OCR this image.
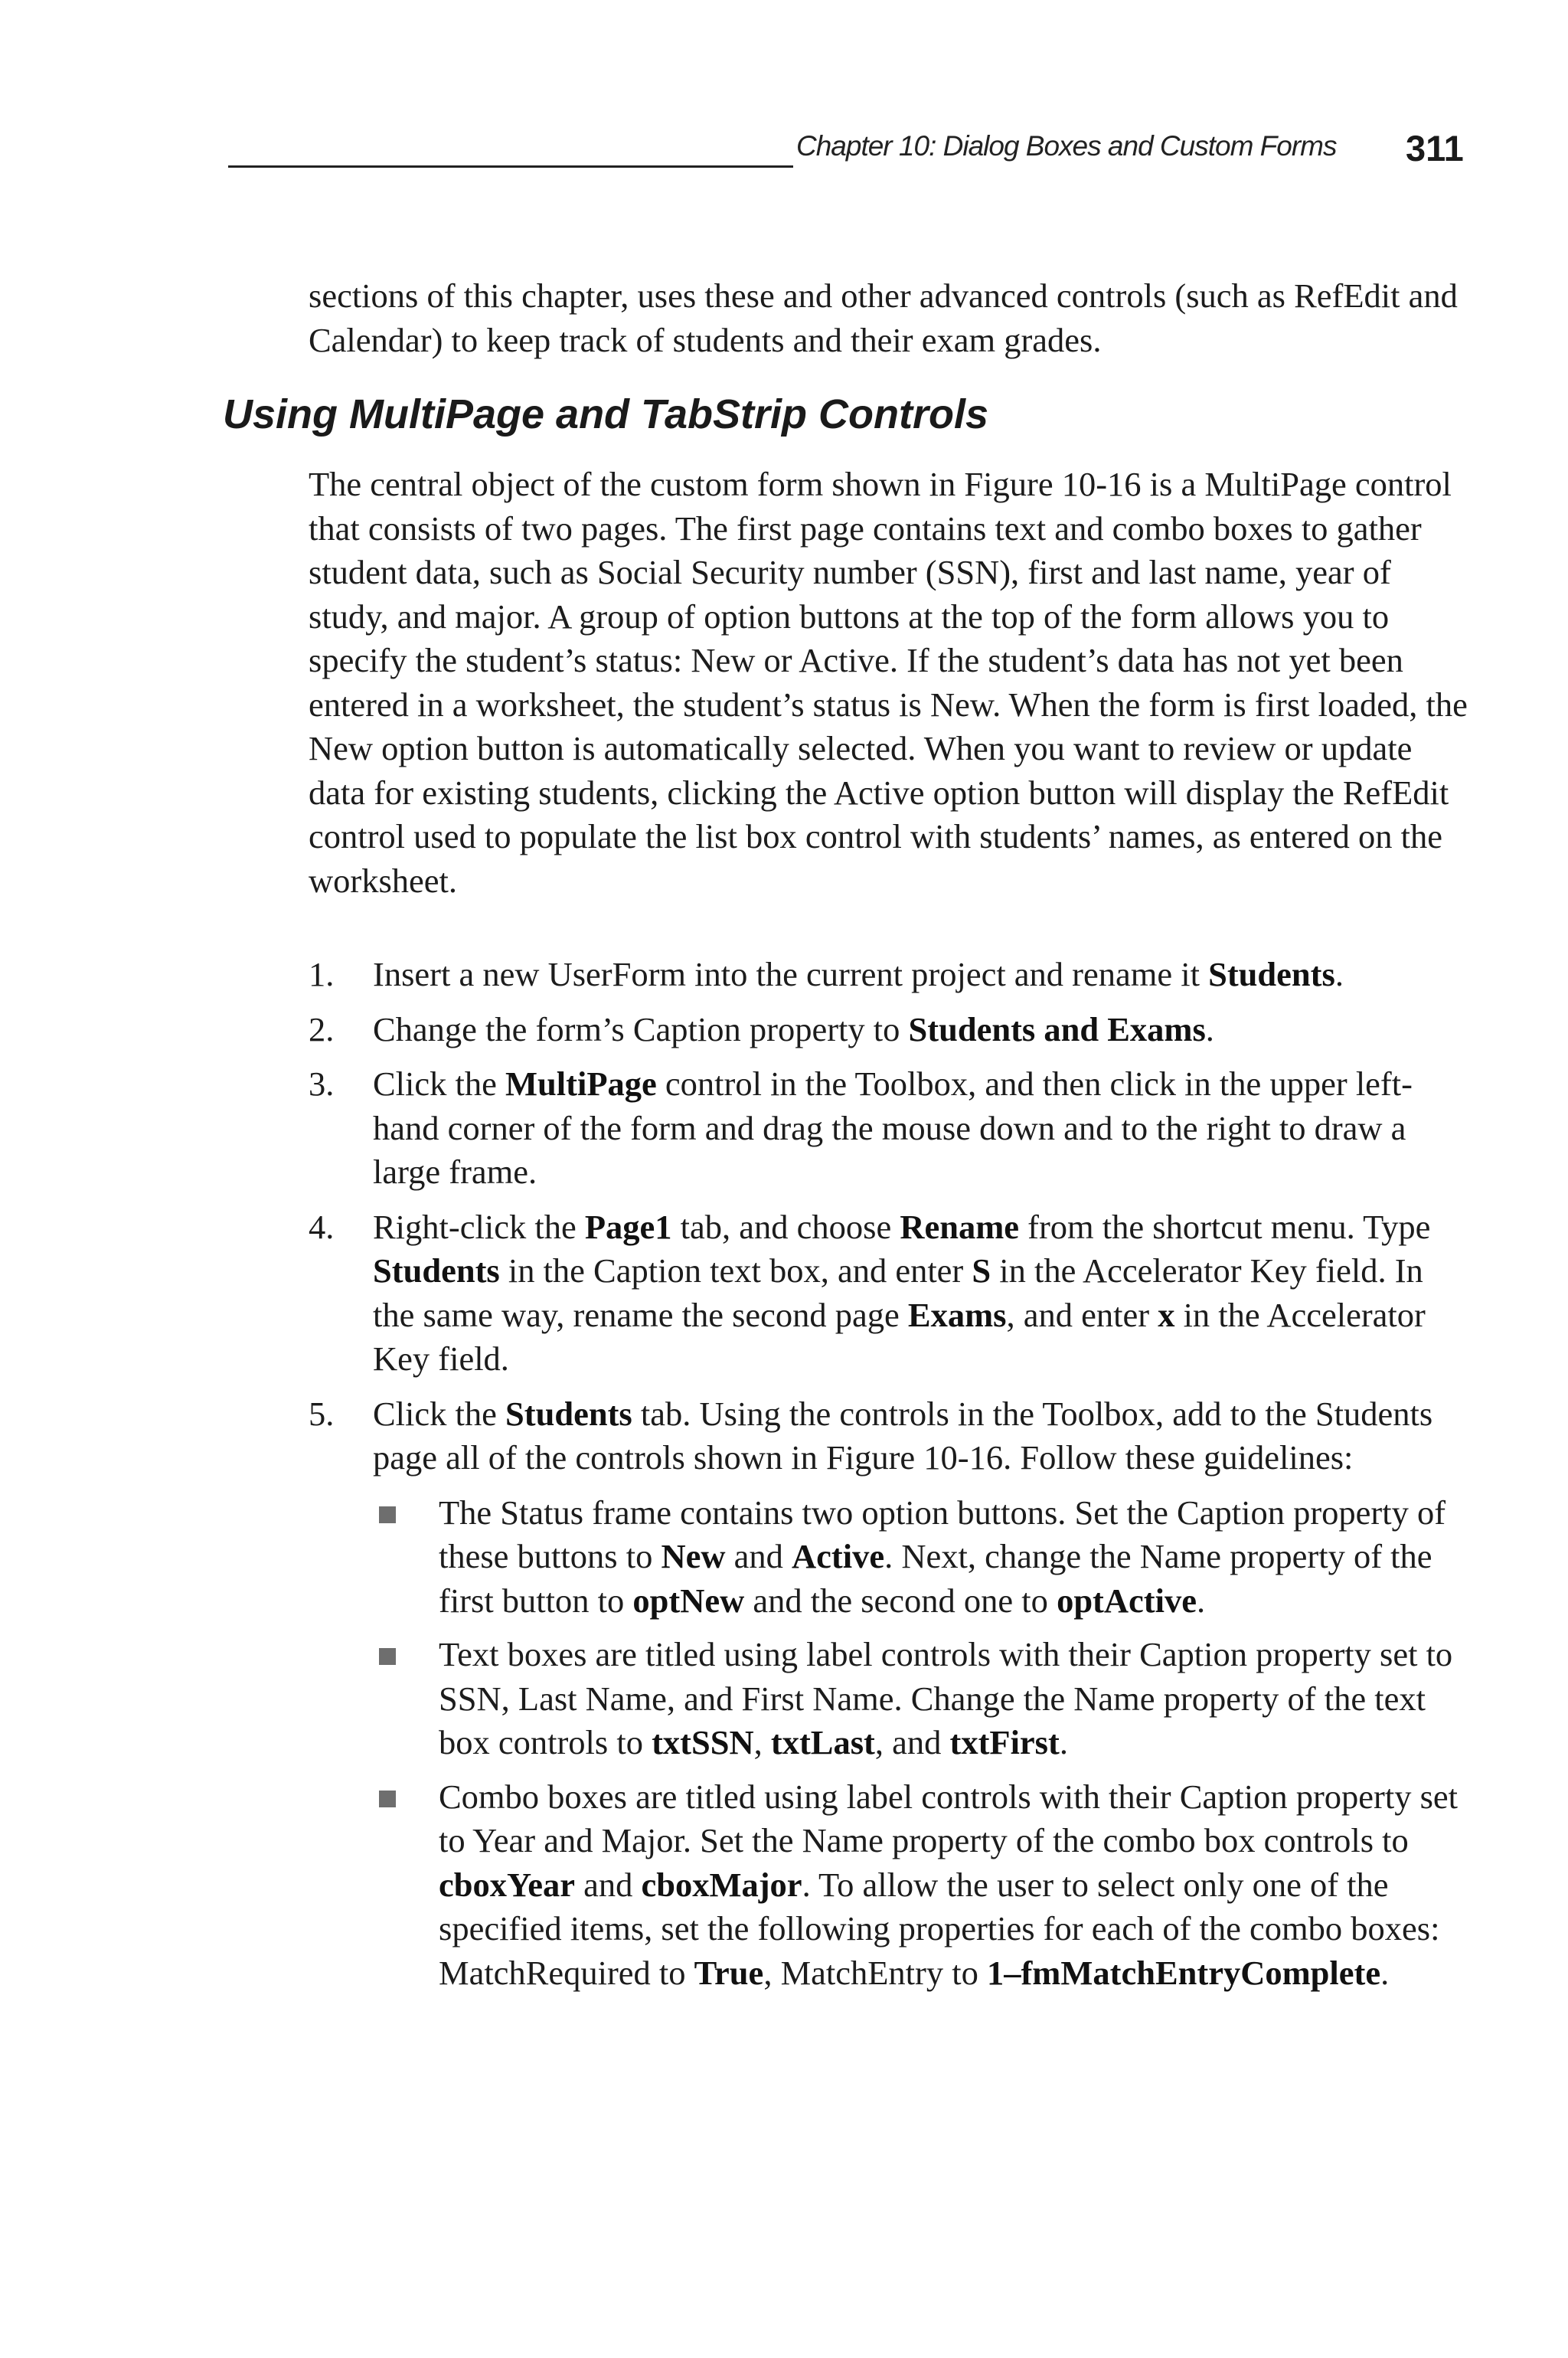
Chapter 10: Dialog Boxes and Custom Forms 311

sections of this chapter, uses these and other advanced controls (such as RefEdit and Calendar) to keep track of students and their exam grades.

Using MultiPage and TabStrip Controls

The central object of the custom form shown in Figure 10-16 is a MultiPage control that consists of two pages. The first page contains text and combo boxes to gather student data, such as Social Security number (SSN), first and last name, year of study, and major. A group of option buttons at the top of the form allows you to specify the student’s status: New or Active. If the student’s data has not yet been entered in a worksheet, the student’s status is New. When the form is first loaded, the New option button is automatically selected. When you want to review or update data for existing students, clicking the Active option button will display the RefEdit control used to populate the list box control with students’ names, as entered on the worksheet.

1. Insert a new UserForm into the current project and rename it Students.
2. Change the form’s Caption property to Students and Exams.
3. Click the MultiPage control in the Toolbox, and then click in the upper left-hand corner of the form and drag the mouse down and to the right to draw a large frame.
4. Right-click the Page1 tab, and choose Rename from the shortcut menu. Type Students in the Caption text box, and enter S in the Accelerator Key field. In the same way, rename the second page Exams, and enter x in the Accelerator Key field.
5. Click the Students tab. Using the controls in the Toolbox, add to the Students page all of the controls shown in Figure 10-16. Follow these guidelines:
The Status frame contains two option buttons. Set the Caption property of these buttons to New and Active. Next, change the Name property of the first button to optNew and the second one to optActive.
Text boxes are titled using label controls with their Caption property set to SSN, Last Name, and First Name. Change the Name property of the text box controls to txtSSN, txtLast, and txtFirst.
Combo boxes are titled using label controls with their Caption property set to Year and Major. Set the Name property of the combo box controls to cboxYear and cboxMajor. To allow the user to select only one of the specified items, set the following properties for each of the combo boxes: MatchRequired to True, MatchEntry to 1–fmMatchEntryComplete.
